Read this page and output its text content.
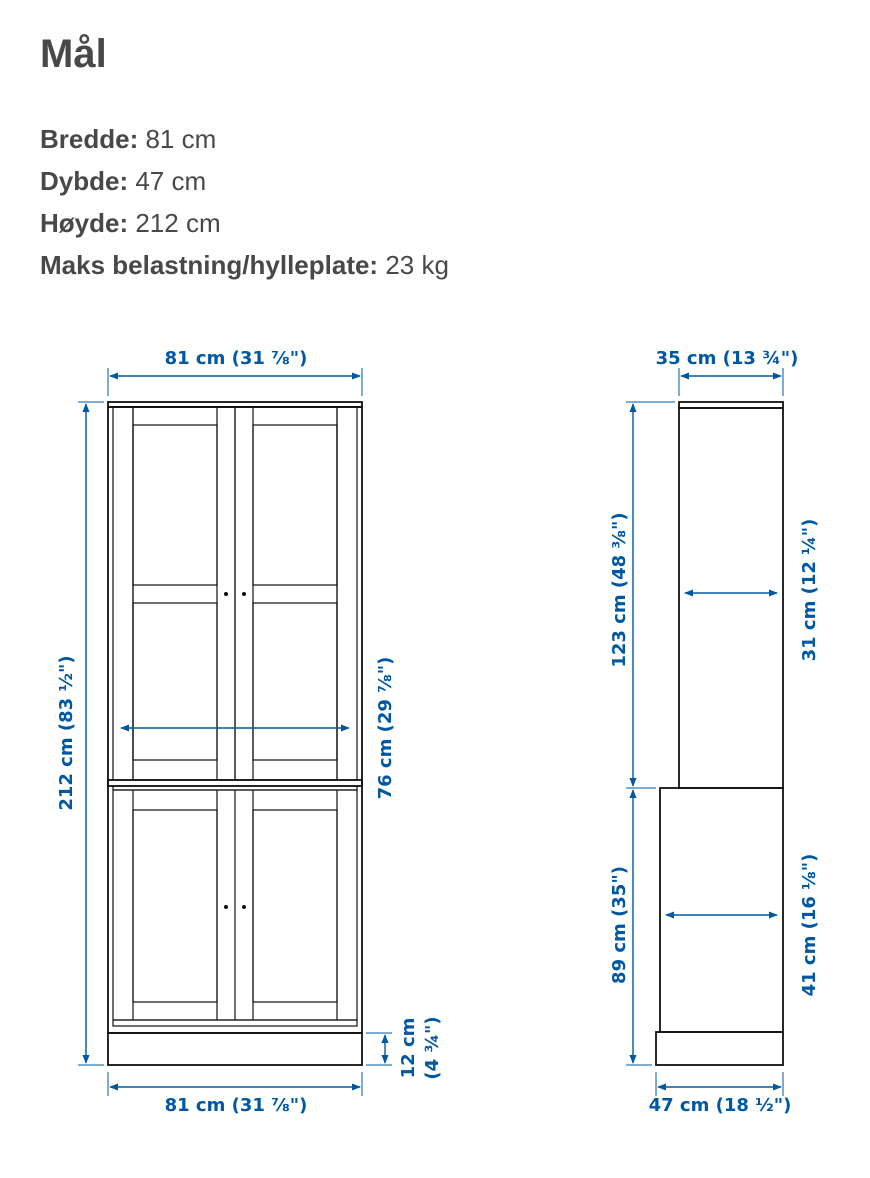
Mål
Bredde: 81 cm
Dybde: 47 cm
Høyde: 212 cm
Maks belastning/hylleplate: 23 kg
81 cm (31 ⅞")
212 cm (83 ½")	76 cm (29 ⅞")
12 cm (4 ¾")
81 cm (31 ⅞")
35 cm (13 ¾")
123 cm (48 ⅜")
89 cm (35")
31 cm (12 ¼")
41 cm (16 ⅛")
47 cm (18 ½")
